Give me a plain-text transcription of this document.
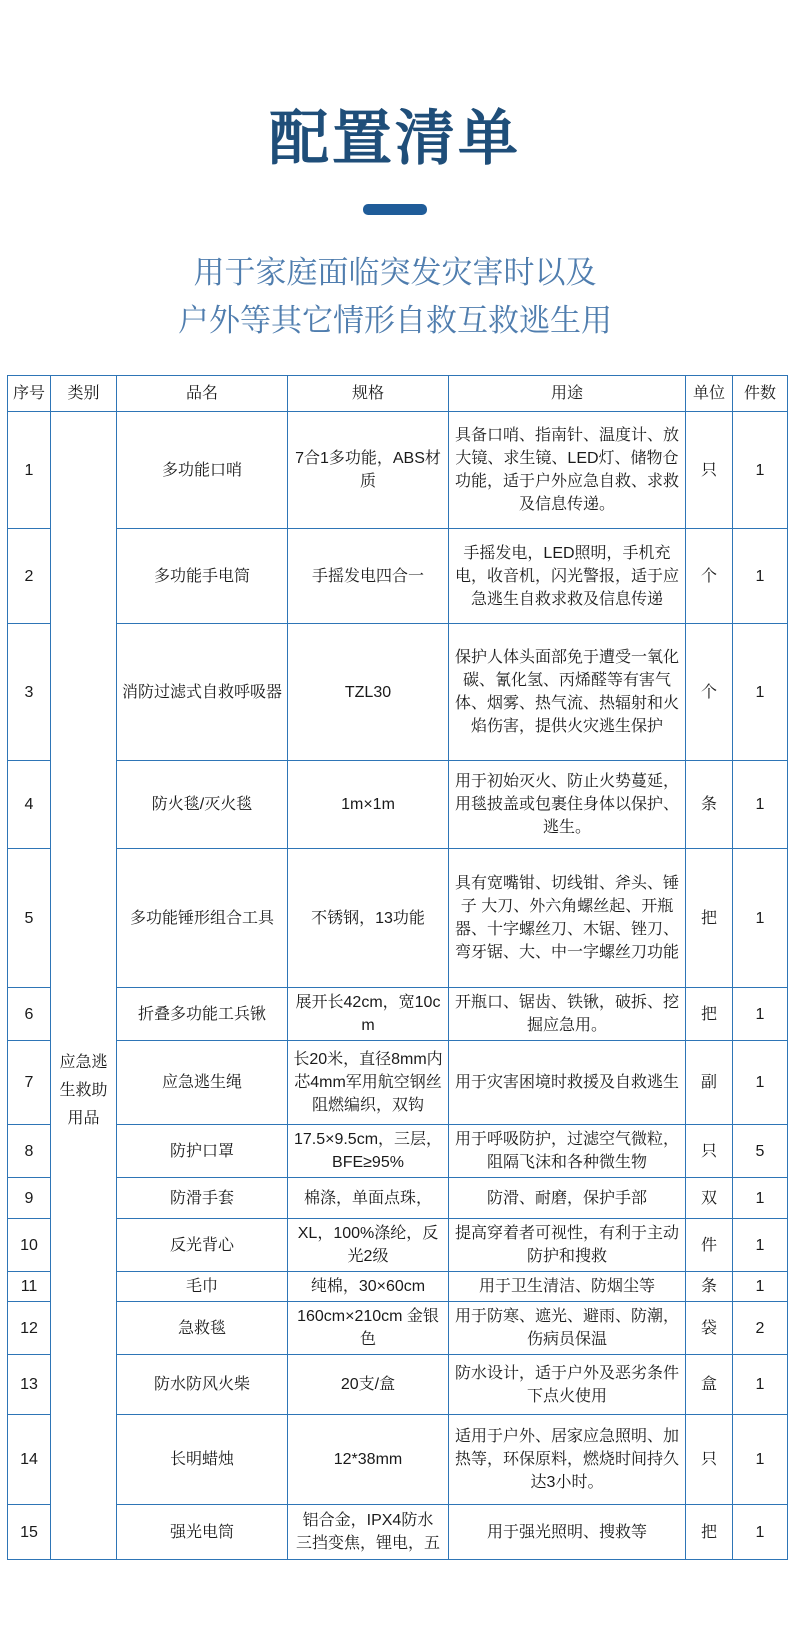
配置清单
用于家庭面临突发灾害时以及
户外等其它情形自救互救逃生用
序号	类别	品名	规格	用途	单位	件数
1	应急逃生救助用品	多功能口哨	7合1多功能，ABS材质	具备口哨、指南针、温度计、放大镜、求生镜、LED灯、储物仓功能，适于户外应急自救、求救及信息传递。	只	1
2		多功能手电筒	手摇发电四合一	手摇发电，LED照明，手机充电，收音机，闪光警报，适于应急逃生自救求救及信息传递	个	1
3		消防过滤式自救呼吸器	TZL30	保护人体头面部免于遭受一氧化碳、氰化氢、丙烯醛等有害气体、烟雾、热气流、热辐射和火焰伤害，提供火灾逃生保护	个	1
4		防火毯/灭火毯	1m×1m	用于初始灭火、防止火势蔓延，用毯披盖或包裹住身体以保护、逃生。	条	1
5		多功能锤形组合工具	不锈钢，13功能	具有宽嘴钳、切线钳、斧头、锤子 大刀、外六角螺丝起、开瓶器、十字螺丝刀、木锯、锉刀、弯牙锯、大、中一字螺丝刀功能	把	1
6		折叠多功能工兵锹	展开长42cm，宽10cm	开瓶口、锯齿、铁锹，破拆、挖掘应急用。	把	1
7		应急逃生绳	长20米，直径8mm内芯4mm军用航空钢丝阻燃编织，双钩	用于灾害困境时救援及自救逃生	副	1
8		防护口罩	17.5×9.5cm，三层，BFE≥95%	用于呼吸防护，过滤空气微粒，阻隔飞沫和各种微生物	只	5
9		防滑手套	棉涤，单面点珠，	防滑、耐磨，保护手部	双	1
10		反光背心	XL，100%涤纶，反光2级	提高穿着者可视性，有利于主动防护和搜救	件	1
11		毛巾	纯棉，30×60cm	用于卫生清洁、防烟尘等	条	1
12		急救毯	160cm×210cm 金银色	用于防寒、遮光、避雨、防潮，伤病员保温	袋	2
13		防水防风火柴	20支/盒	防水设计，适于户外及恶劣条件下点火使用	盒	1
14		长明蜡烛	12*38mm	适用于户外、居家应急照明、加热等，环保原料，燃烧时间持久达3小时。	只	1
15		强光电筒	铝合金，IPX4防水 三挡变焦，锂电，五	用于强光照明、搜救等	把	1
